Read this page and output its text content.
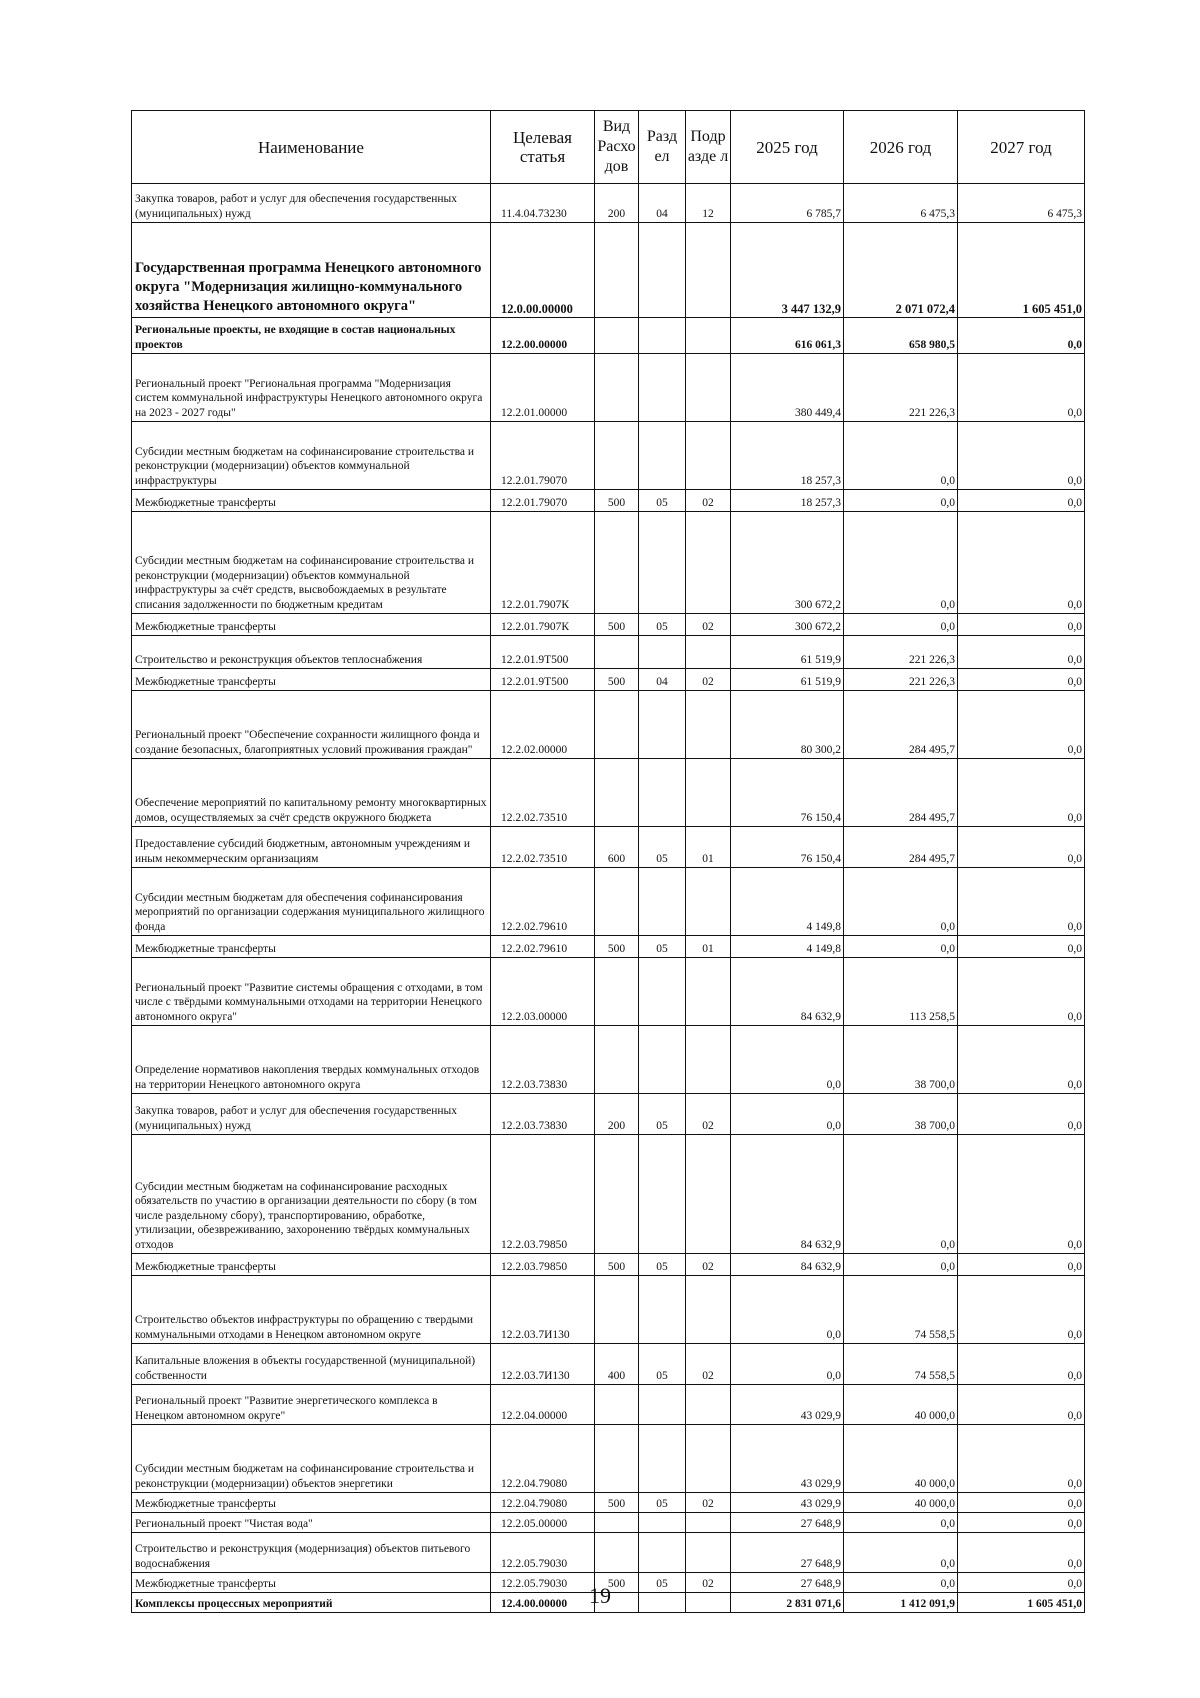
Наименование	Целевая статья	Вид Расхо дов	Разд ел	Подр азде л	2025 год	2026 год	2027 год
Закупка товаров, работ и услуг для обеспечения государственных (муниципальных) нужд	11.4.04.73230	200	04	12	6 785,7	6 475,3	6 475,3
Государственная программа Ненецкого автономного округа "Модернизация жилищно-коммунального хозяйства Ненецкого автономного округа"	12.0.00.00000				3 447 132,9	2 071 072,4	1 605 451,0
Региональные проекты, не входящие в состав национальных проектов	12.2.00.00000				616 061,3	658 980,5	0,0
Региональный проект "Региональная программа "Модернизация систем коммунальной инфраструктуры Ненецкого автономного округа на 2023 - 2027 годы"	12.2.01.00000				380 449,4	221 226,3	0,0
Субсидии местным бюджетам на софинансирование строительства и реконструкции (модернизации) объектов коммунальной инфраструктуры	12.2.01.79070				18 257,3	0,0	0,0
Межбюджетные трансферты	12.2.01.79070	500	05	02	18 257,3	0,0	0,0
Субсидии местным бюджетам на софинансирование строительства и реконструкции (модернизации) объектов коммунальной инфраструктуры за счёт средств, высвобождаемых в результате списания задолженности по бюджетным кредитам	12.2.01.7907К				300 672,2	0,0	0,0
Межбюджетные трансферты	12.2.01.7907К	500	05	02	300 672,2	0,0	0,0
Строительство и реконструкция объектов теплоснабжения	12.2.01.9Т500				61 519,9	221 226,3	0,0
Межбюджетные трансферты	12.2.01.9Т500	500	04	02	61 519,9	221 226,3	0,0
Региональный проект "Обеспечение сохранности жилищного фонда и создание безопасных, благоприятных условий проживания граждан"	12.2.02.00000				80 300,2	284 495,7	0,0
Обеспечение мероприятий по капитальному ремонту многоквартирных домов, осуществляемых за счёт средств окружного бюджета	12.2.02.73510				76 150,4	284 495,7	0,0
Предоставление субсидий бюджетным, автономным учреждениям и иным некоммерческим организациям	12.2.02.73510	600	05	01	76 150,4	284 495,7	0,0
Субсидии местным бюджетам для обеспечения софинансирования мероприятий по организации содержания муниципального жилищного фонда	12.2.02.79610				4 149,8	0,0	0,0
Межбюджетные трансферты	12.2.02.79610	500	05	01	4 149,8	0,0	0,0
Региональный проект "Развитие системы обращения с отходами, в том числе с твёрдыми коммунальными отходами на территории Ненецкого автономного округа"	12.2.03.00000				84 632,9	113 258,5	0,0
Определение нормативов накопления твердых коммунальных отходов на территории Ненецкого автономного округа	12.2.03.73830				0,0	38 700,0	0,0
Закупка товаров, работ и услуг для обеспечения государственных (муниципальных) нужд	12.2.03.73830	200	05	02	0,0	38 700,0	0,0
Субсидии местным бюджетам на софинансирование расходных обязательств по участию в организации деятельности по сбору (в том числе раздельному сбору), транспортированию, обработке, утилизации, обезвреживанию, захоронению твёрдых коммунальных отходов	12.2.03.79850				84 632,9	0,0	0,0
Межбюджетные трансферты	12.2.03.79850	500	05	02	84 632,9	0,0	0,0
Строительство объектов инфраструктуры по обращению с твердыми коммунальными отходами в Ненецком автономном округе	12.2.03.7И130				0,0	74 558,5	0,0
Капитальные вложения в объекты государственной (муниципальной) собственности	12.2.03.7И130	400	05	02	0,0	74 558,5	0,0
Региональный проект "Развитие энергетического комплекса в Ненецком автономном округе"	12.2.04.00000				43 029,9	40 000,0	0,0
Субсидии местным бюджетам на софинансирование строительства и реконструкции (модернизации) объектов энергетики	12.2.04.79080				43 029,9	40 000,0	0,0
Межбюджетные трансферты	12.2.04.79080	500	05	02	43 029,9	40 000,0	0,0
Региональный проект "Чистая вода"	12.2.05.00000				27 648,9	0,0	0,0
Строительство и реконструкция (модернизация) объектов питьевого водоснабжения	12.2.05.79030				27 648,9	0,0	0,0
Межбюджетные трансферты	12.2.05.79030	500	05	02	27 648,9	0,0	0,0
Комплексы процессных мероприятий	12.4.00.00000				2 831 071,6	1 412 091,9	1 605 451,0
19
